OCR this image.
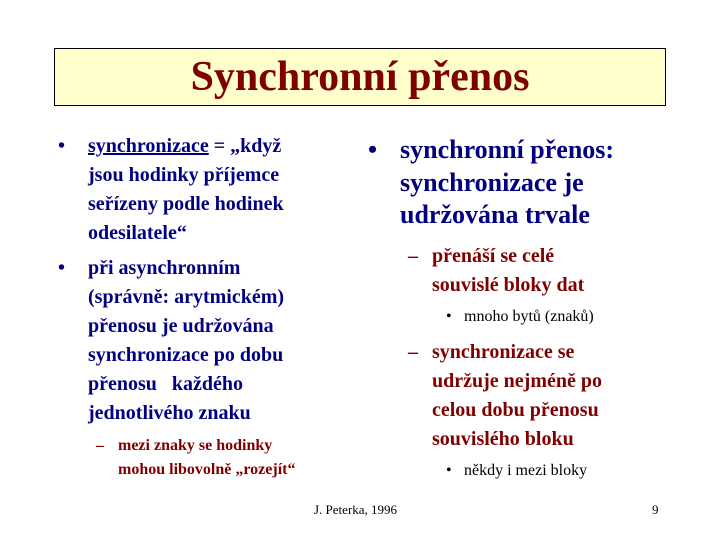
Synchronní přenos
• synchronizace = „když
jsou hodinky příjemce
seřízeny podle hodinek
odesilatele“
• při asynchronním
(správně: arytmickém)
přenosu je udržována
synchronizace po dobu
přenosu   každého
jednotlivého znaku
– mezi znaky se hodinky
mohou libovolně „rozejít“
• synchronní přenos:
synchronizace je
udržována trvale
– přenáší se celé
souvislé bloky dat
• mnoho bytů (znaků)
– synchronizace se
udržuje nejméně po
celou dobu přenosu
souvislého bloku
• někdy i mezi bloky
J. Peterka, 1996	9
